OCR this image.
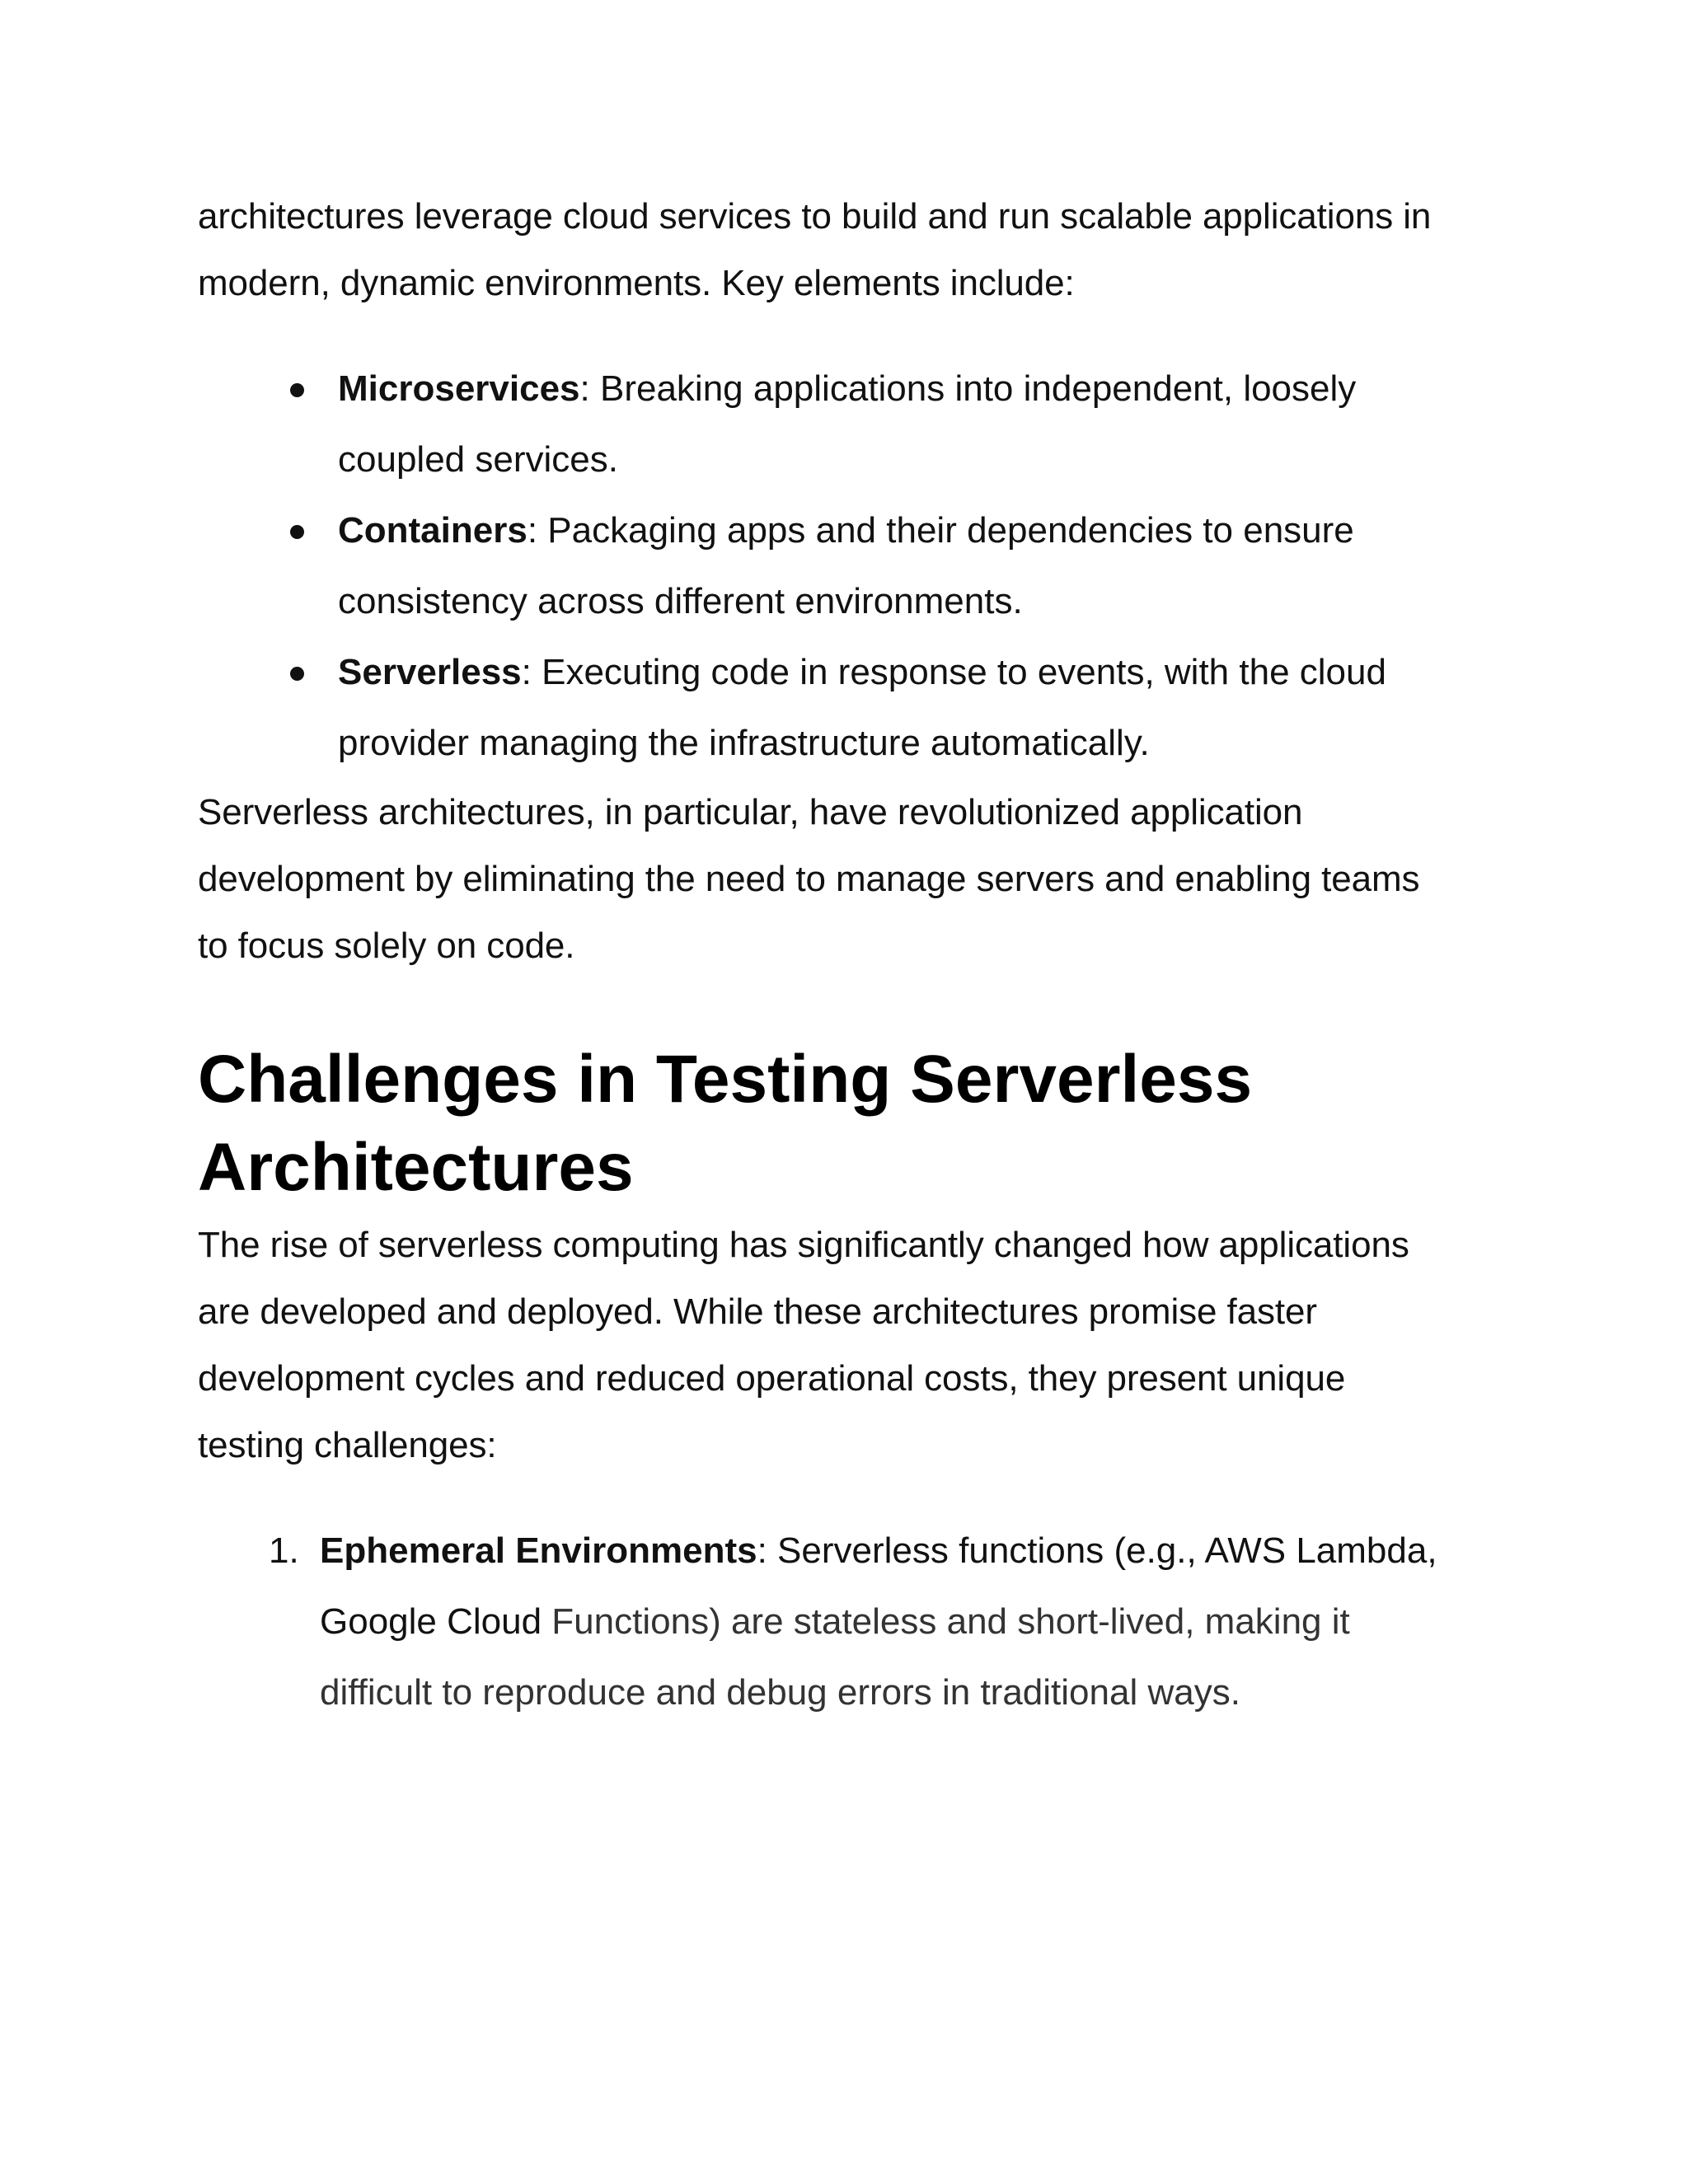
architectures leverage cloud services to build and run scalable applications in
modern, dynamic environments. Key elements include:

Microservices: Breaking applications into independent, loosely
coupled services.
Containers: Packaging apps and their dependencies to ensure
consistency across different environments.
Serverless: Executing code in response to events, with the cloud
provider managing the infrastructure automatically.

Serverless architectures, in particular, have revolutionized application
development by eliminating the need to manage servers and enabling teams
to focus solely on code.

Challenges in Testing Serverless
Architectures

The rise of serverless computing has significantly changed how applications
are developed and deployed. While these architectures promise faster
development cycles and reduced operational costs, they present unique
testing challenges:

1. Ephemeral Environments: Serverless functions (e.g., AWS Lambda,
Google Cloud Functions) are stateless and short-lived, making it
difficult to reproduce and debug errors in traditional ways.
